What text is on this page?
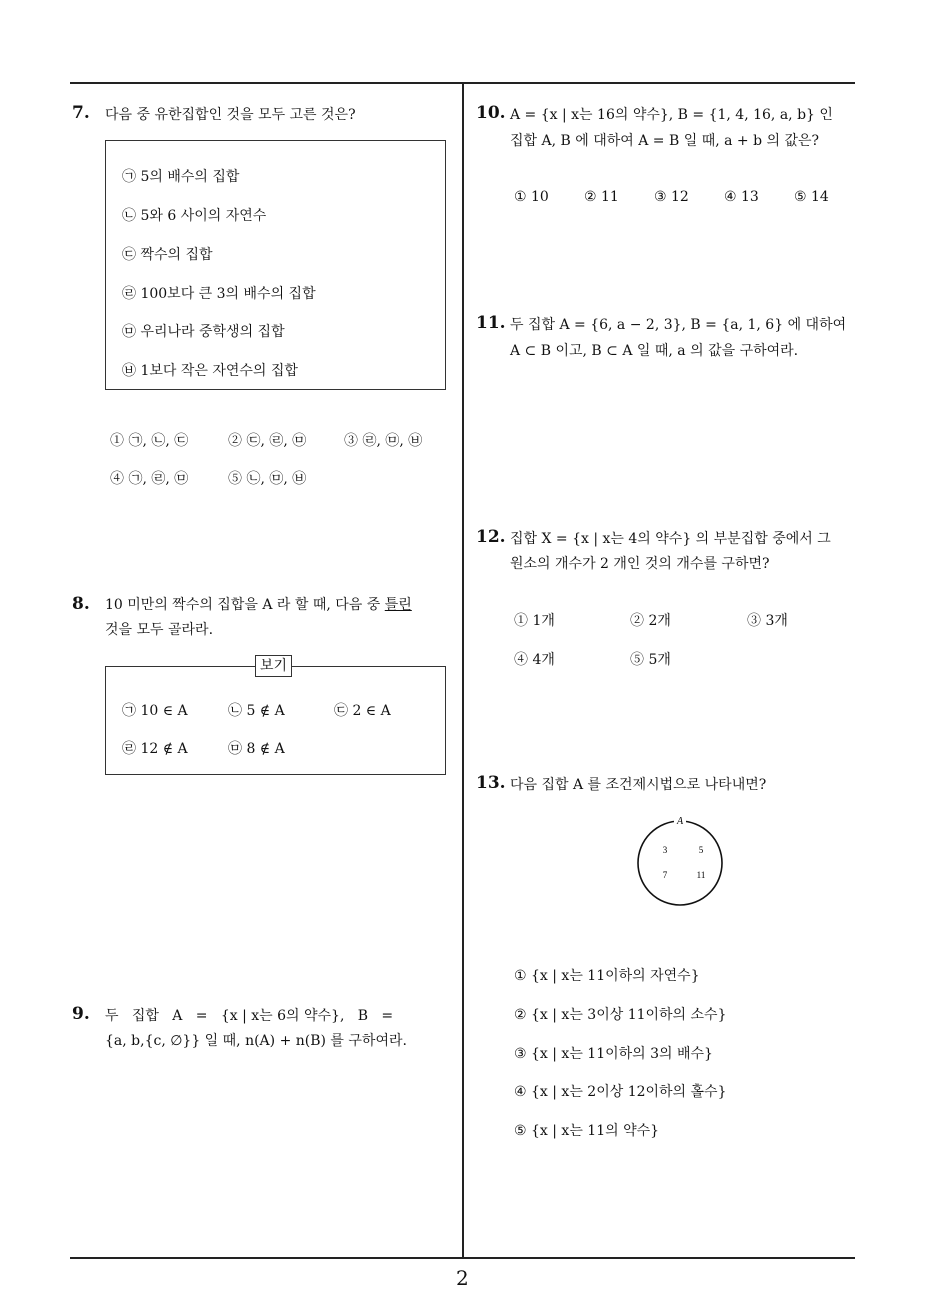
2
7. 다음 중 유한집합인 것을 모두 고른 것은?
㉠ 5의 배수의 집합
㉡ 5와 6 사이의 자연수
㉢ 짝수의 집합
㉣ 100보다 큰 3의 배수의 집합
㉤ 우리나라 중학생의 집합
㉥ 1보다 작은 자연수의 집합
① ㉠, ㉡, ㉢	② ㉢, ㉣, ㉤	③ ㉣, ㉤, ㉥
④ ㉠, ㉣, ㉤	⑤ ㉡, ㉤, ㉥
8. 10 미만의 짝수의 집합을 A 라 할 때, 다음 중 틀린
것을 모두 골라라.
보기
㉠ 10 ∈ A	㉡ 5 ∉ A	㉢ 2 ∈ A
㉣ 12 ∉ A	㉤ 8 ∉ A
9. 두   집합   A   =   {x | x는 6의 약수},   B   =
{a, b,{c, ∅}} 일 때, n(A) + n(B) 를 구하여라.
10. A = {x | x는 16의 약수}, B = {1, 4, 16, a, b} 인
집합 A, B 에 대하여 A = B 일 때, a + b 의 값은?
① 10	② 11	③ 12	④ 13	⑤ 14
11. 두 집합 A = {6, a − 2, 3}, B = {a, 1, 6} 에 대하여
A ⊂ B 이고, B ⊂ A 일 때, a 의 값을 구하여라.
12. 집합 X = {x | x는 4의 약수} 의 부분집합 중에서 그
원소의 개수가 2 개인 것의 개수를 구하면?
① 1개	② 2개	③ 3개
④ 4개	⑤ 5개
13. 다음 집합 A 를 조건제시법으로 나타내면?
A
3	5
7	11
① {x | x는 11이하의 자연수}
② {x | x는 3이상 11이하의 소수}
③ {x | x는 11이하의 3의 배수}
④ {x | x는 2이상 12이하의 홀수}
⑤ {x | x는 11의 약수}
